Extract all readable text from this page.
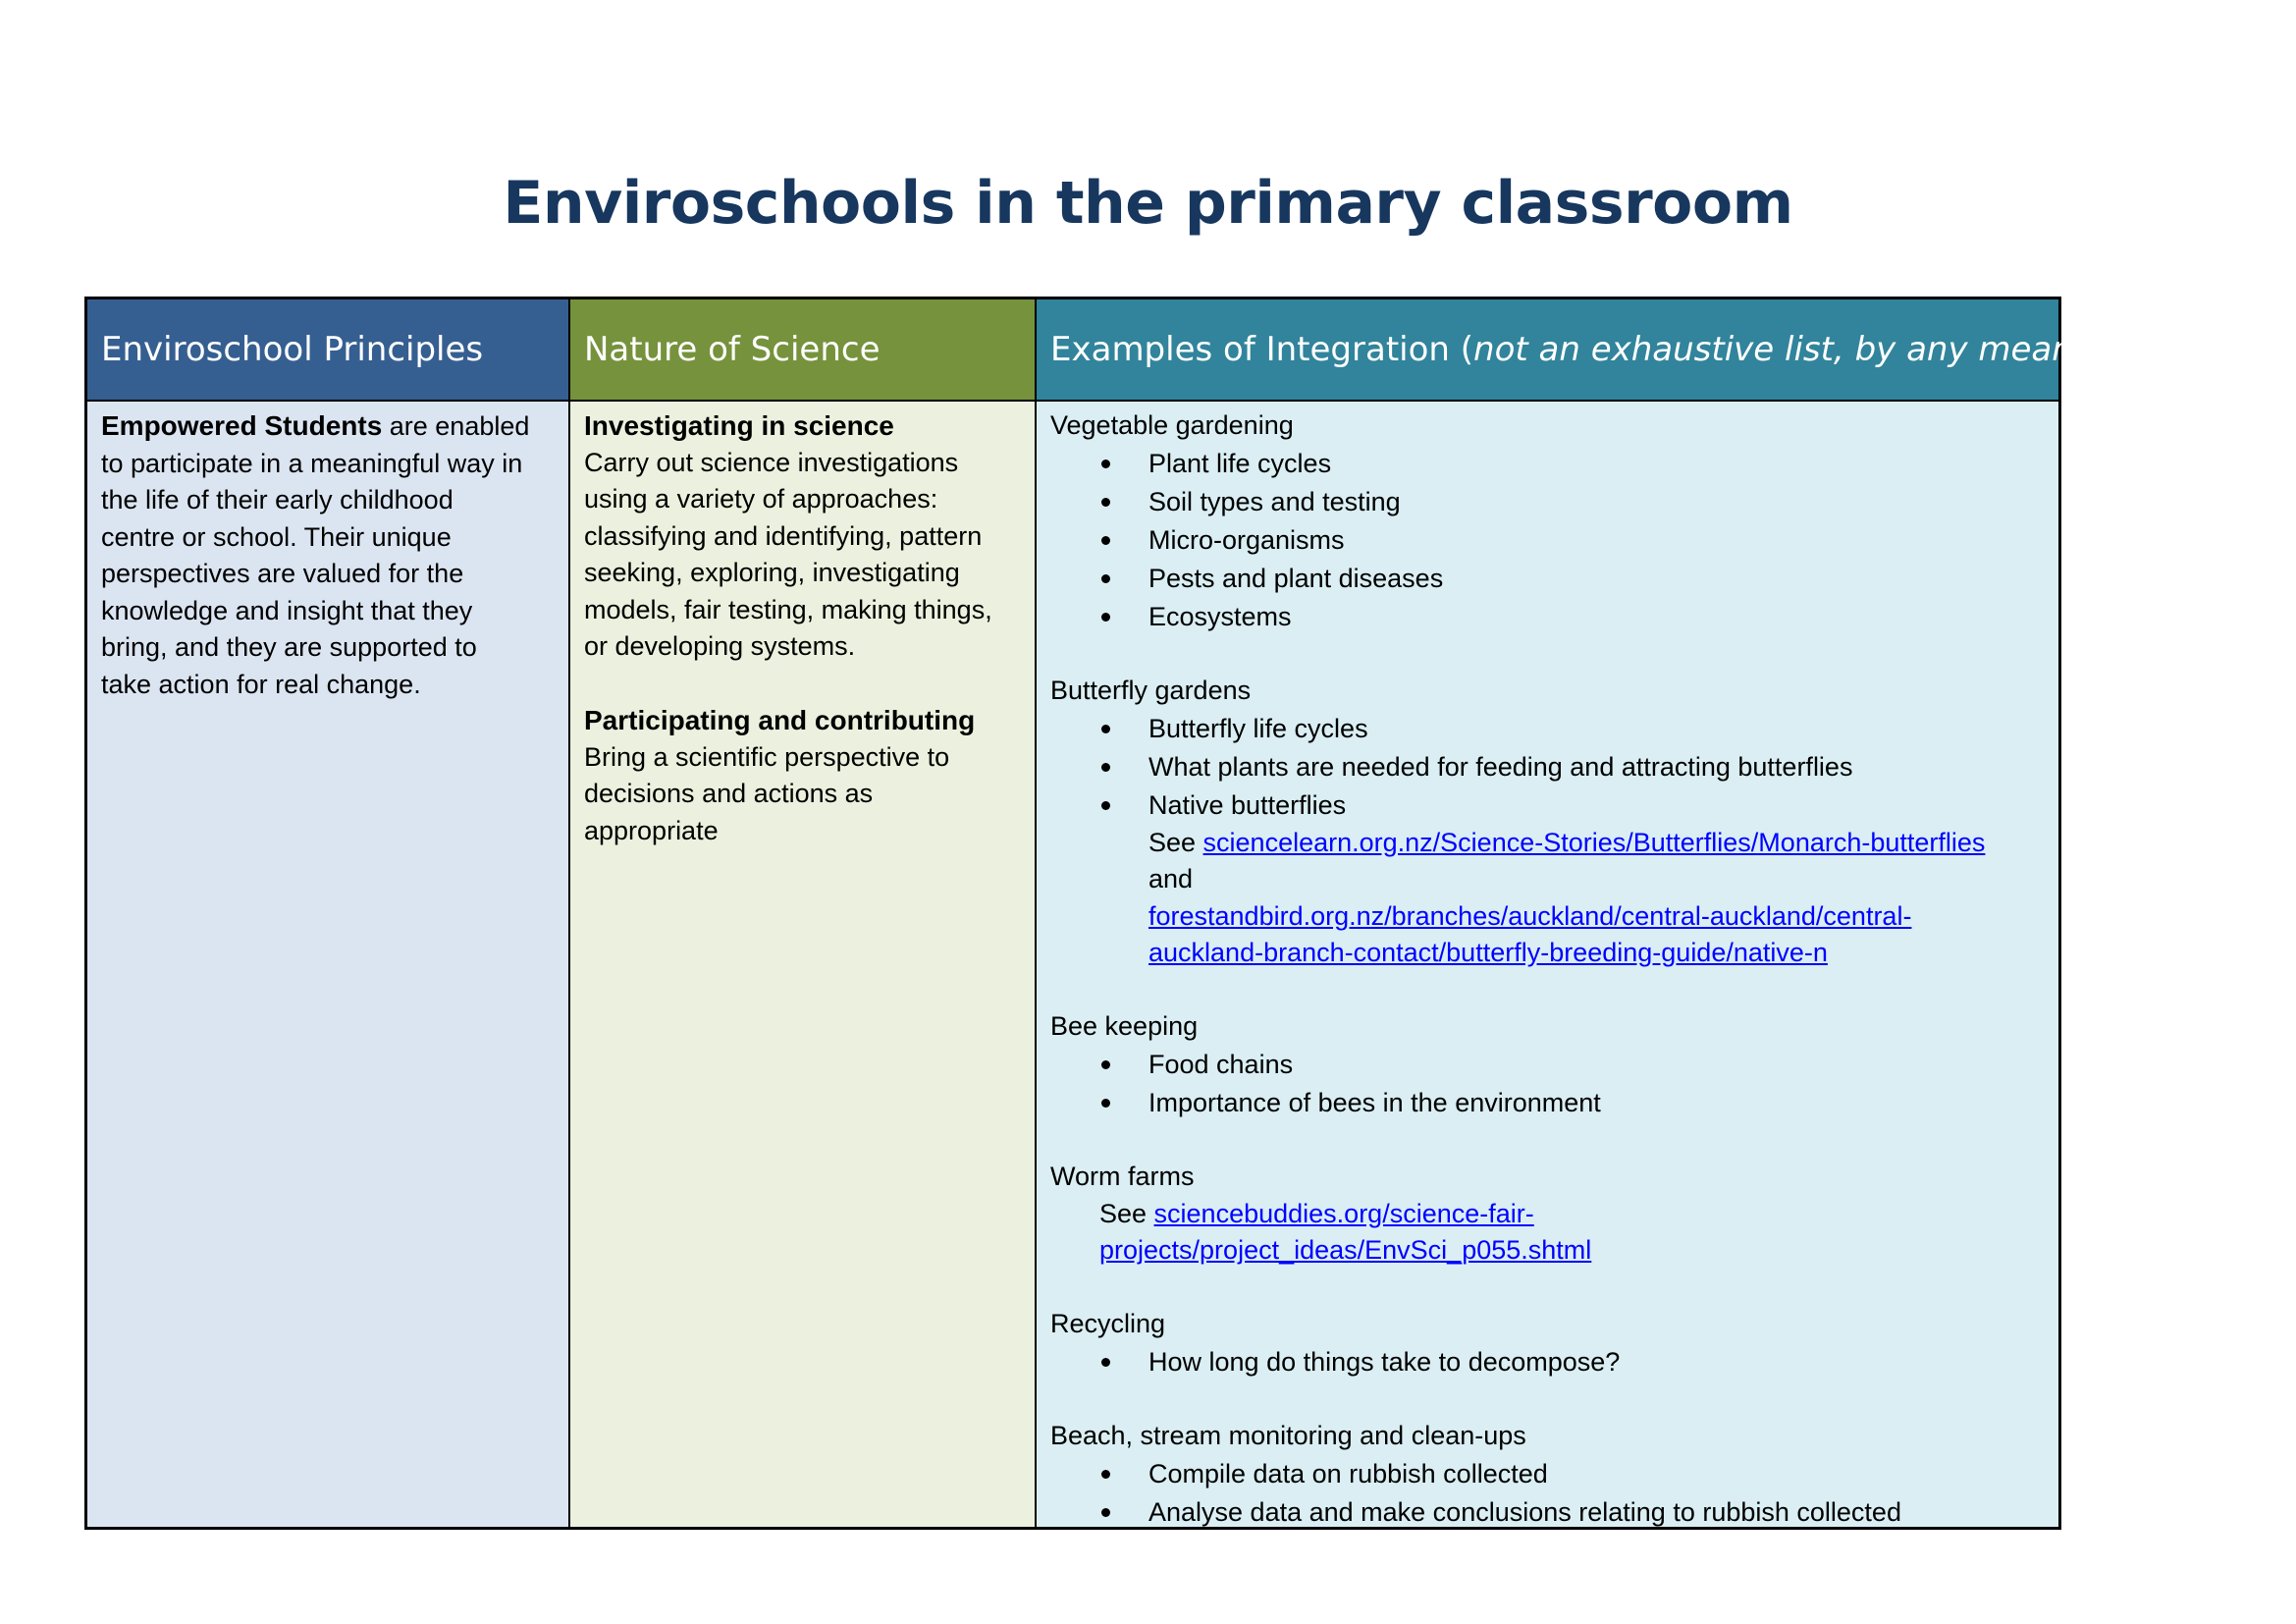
Enviroschools in the primary classroom
Enviroschool Principles
Empowered Students are enabled
to participate in a meaningful way in
the life of their early childhood
centre or school. Their unique
perspectives are valued for the
knowledge and insight that they
bring, and they are supported to
take action for real change.
Nature of Science
Investigating in science
Carry out science investigations
using a variety of approaches:
classifying and identifying, pattern
seeking, exploring, investigating
models, fair testing, making things,
or developing systems.
Participating and contributing
Bring a scientific perspective to
decisions and actions as
appropriate
Examples of Integration ( not an exhaustive list, by any means)
Vegetable gardening
Plant life cycles
Soil types and testing
Micro-organisms
Pests and plant diseases
Ecosystems
Butterfly gardens
Butterfly life cycles
What plants are needed for feeding and attracting butterflies
Native butterflies
See sciencelearn.org.nz/Science-Stories/Butterflies/Monarch-butterflies
and
forestandbird.org.nz/branches/auckland/central-auckland/central-
auckland-branch-contact/butterfly-breeding-guide/native-n
Bee keeping
Food chains
Importance of bees in the environment
Worm farms
See sciencebuddies.org/science-fair-
projects/project_ideas/EnvSci_p055.shtml
Recycling
How long do things take to decompose?
Beach, stream monitoring and clean-ups
Compile data on rubbish collected
Analyse data and make conclusions relating to rubbish collected
